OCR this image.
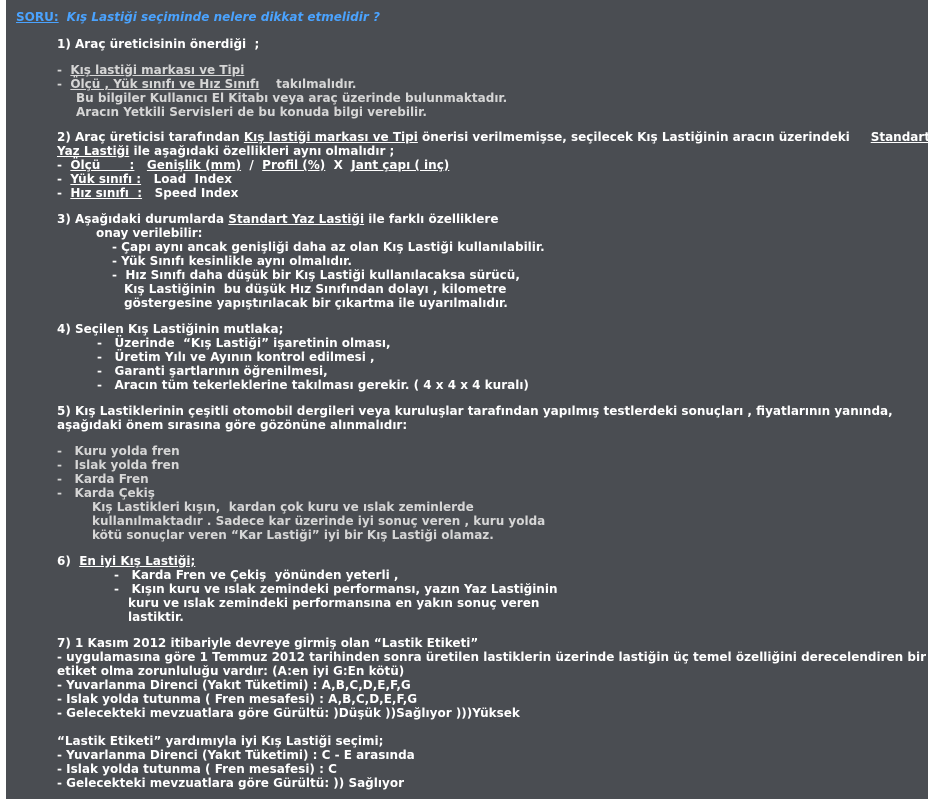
SORU: Kış Lastiği seçiminde nelere dikkat etmelidir ?
1) Araç üreticisinin önerdiği  ;
-  Kış lastiği markası ve Tipi
-  Ölçü , Yük sınıfı ve Hız Sınıfı    takılmalıdır.
Bu bilgiler Kullanıcı El Kitabı veya araç üzerinde bulunmaktadır.
Aracın Yetkili Servisleri de bu konuda bilgi verebilir.
2) Araç üreticisi tarafından Kış lastiği markası ve Tipi önerisi verilmemişse, seçilecek Kış Lastiğinin aracın üzerindeki     Standart
Yaz Lastiği ile aşağıdaki özellikleri aynı olmalıdır ;
-  Ölçü       : Genişlik (mm)  /  Profil (%)  X  Jant çapı ( inç)
-  Yük sınıfı :   Load  Index
-  Hız sınıfı  :   Speed Index
3) Aşağıdaki durumlarda Standart Yaz Lastiği ile farklı özelliklere
onay verilebilir:
- Çapı aynı ancak genişliği daha az olan Kış Lastiği kullanılabilir.
- Yük Sınıfı kesinlikle aynı olmalıdır.
-  Hız Sınıfı daha düşük bir Kış Lastiği kullanılacaksa sürücü,
Kış Lastiğinin  bu düşük Hız Sınıfından dolayı , kilometre
göstergesine yapıştırılacak bir çıkartma ile uyarılmalıdır.
4) Seçilen Kış Lastiğinin mutlaka;
-   Üzerinde  “Kış Lastiği” işaretinin olması,
-   Üretim Yılı ve Ayının kontrol edilmesi ,
-   Garanti şartlarının öğrenilmesi,
-   Aracın tüm tekerleklerine takılması gerekir. ( 4 x 4 x 4 kuralı)
5) Kış Lastiklerinin çeşitli otomobil dergileri veya kuruluşlar tarafından yapılmış testlerdeki sonuçları , fiyatlarının yanında,
aşağıdaki önem sırasına göre gözönüne alınmalıdır:
-   Kuru yolda fren
-   Islak yolda fren
-   Karda Fren
-   Karda Çekiş
Kış Lastikleri kışın,  kardan çok kuru ve ıslak zeminlerde
kullanılmaktadır . Sadece kar üzerinde iyi sonuç veren , kuru yolda
kötü sonuçlar veren “Kar Lastiği” iyi bir Kış Lastiği olamaz.
6)  En iyi Kış Lastiği;
-   Karda Fren ve Çekiş  yönünden yeterli ,
-   Kışın kuru ve ıslak zemindeki performansı, yazın Yaz Lastiğinin
kuru ve ıslak zemindeki performansına en yakın sonuç veren
lastiktir.
7) 1 Kasım 2012 itibariyle devreye girmiş olan “Lastik Etiketi”
- uygulamasına göre 1 Temmuz 2012 tarihinden sonra üretilen lastiklerin üzerinde lastiğin üç temel özelliğini derecelendiren bir
etiket olma zorunluluğu vardır: (A:en iyi G:En kötü)
- Yuvarlanma Direnci (Yakıt Tüketimi) : A,B,C,D,E,F,G
- Islak yolda tutunma ( Fren mesafesi) : A,B,C,D,E,F,G
- Gelecekteki mevzuatlara göre Gürültü: )Düşük ))Sağlıyor )))Yüksek
“Lastik Etiketi” yardımıyla iyi Kış Lastiği seçimi;
- Yuvarlanma Direnci (Yakıt Tüketimi) : C - E arasında
- Islak yolda tutunma ( Fren mesafesi) : C
- Gelecekteki mevzuatlara göre Gürültü: )) Sağlıyor
